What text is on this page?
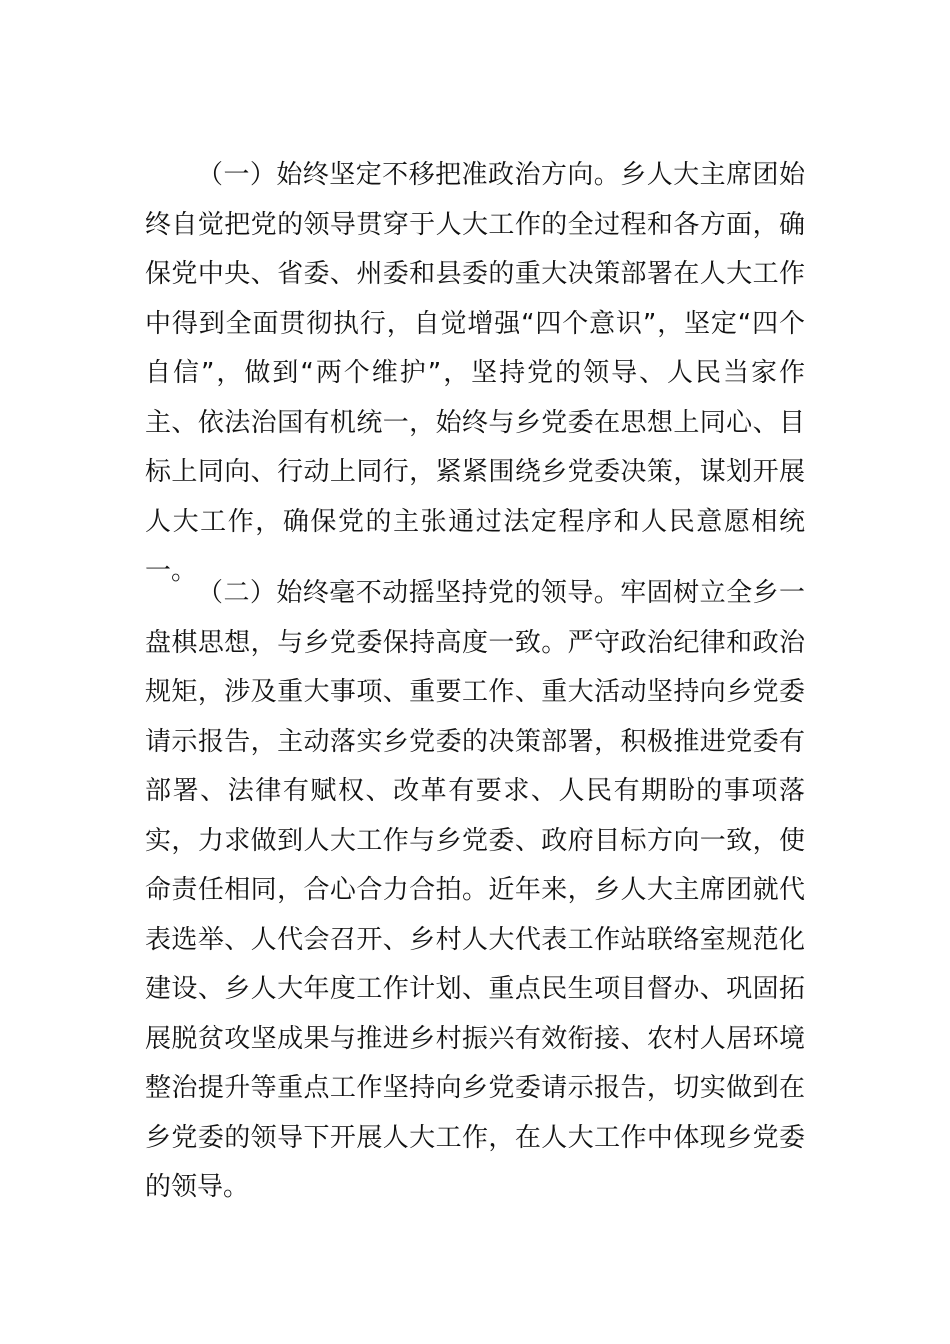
（一）始终坚定不移把准政治方向。乡人大主席团始终自觉把党的领导贯穿于人大工作的全过程和各方面，确保党中央、省委、州委和县委的重大决策部署在人大工作中得到全面贯彻执行，自觉增强“四个意识”，坚定“四个自信”，做到“两个维护”，坚持党的领导、人民当家作主、依法治国有机统一，始终与乡党委在思想上同心、目标上同向、行动上同行，紧紧围绕乡党委决策，谋划开展人大工作，确保党的主张通过法定程序和人民意愿相统一。

（二）始终毫不动摇坚持党的领导。牢固树立全乡一盘棋思想，与乡党委保持高度一致。严守政治纪律和政治规矩，涉及重大事项、重要工作、重大活动坚持向乡党委请示报告，主动落实乡党委的决策部署，积极推进党委有部署、法律有赋权、改革有要求、人民有期盼的事项落实，力求做到人大工作与乡党委、政府目标方向一致，使命责任相同，合心合力合拍。近年来，乡人大主席团就代表选举、人代会召开、乡村人大代表工作站联络室规范化建设、乡人大年度工作计划、重点民生项目督办、巩固拓展脱贫攻坚成果与推进乡村振兴有效衔接、农村人居环境整治提升等重点工作坚持向乡党委请示报告，切实做到在乡党委的领导下开展人大工作，在人大工作中体现乡党委的领导。
